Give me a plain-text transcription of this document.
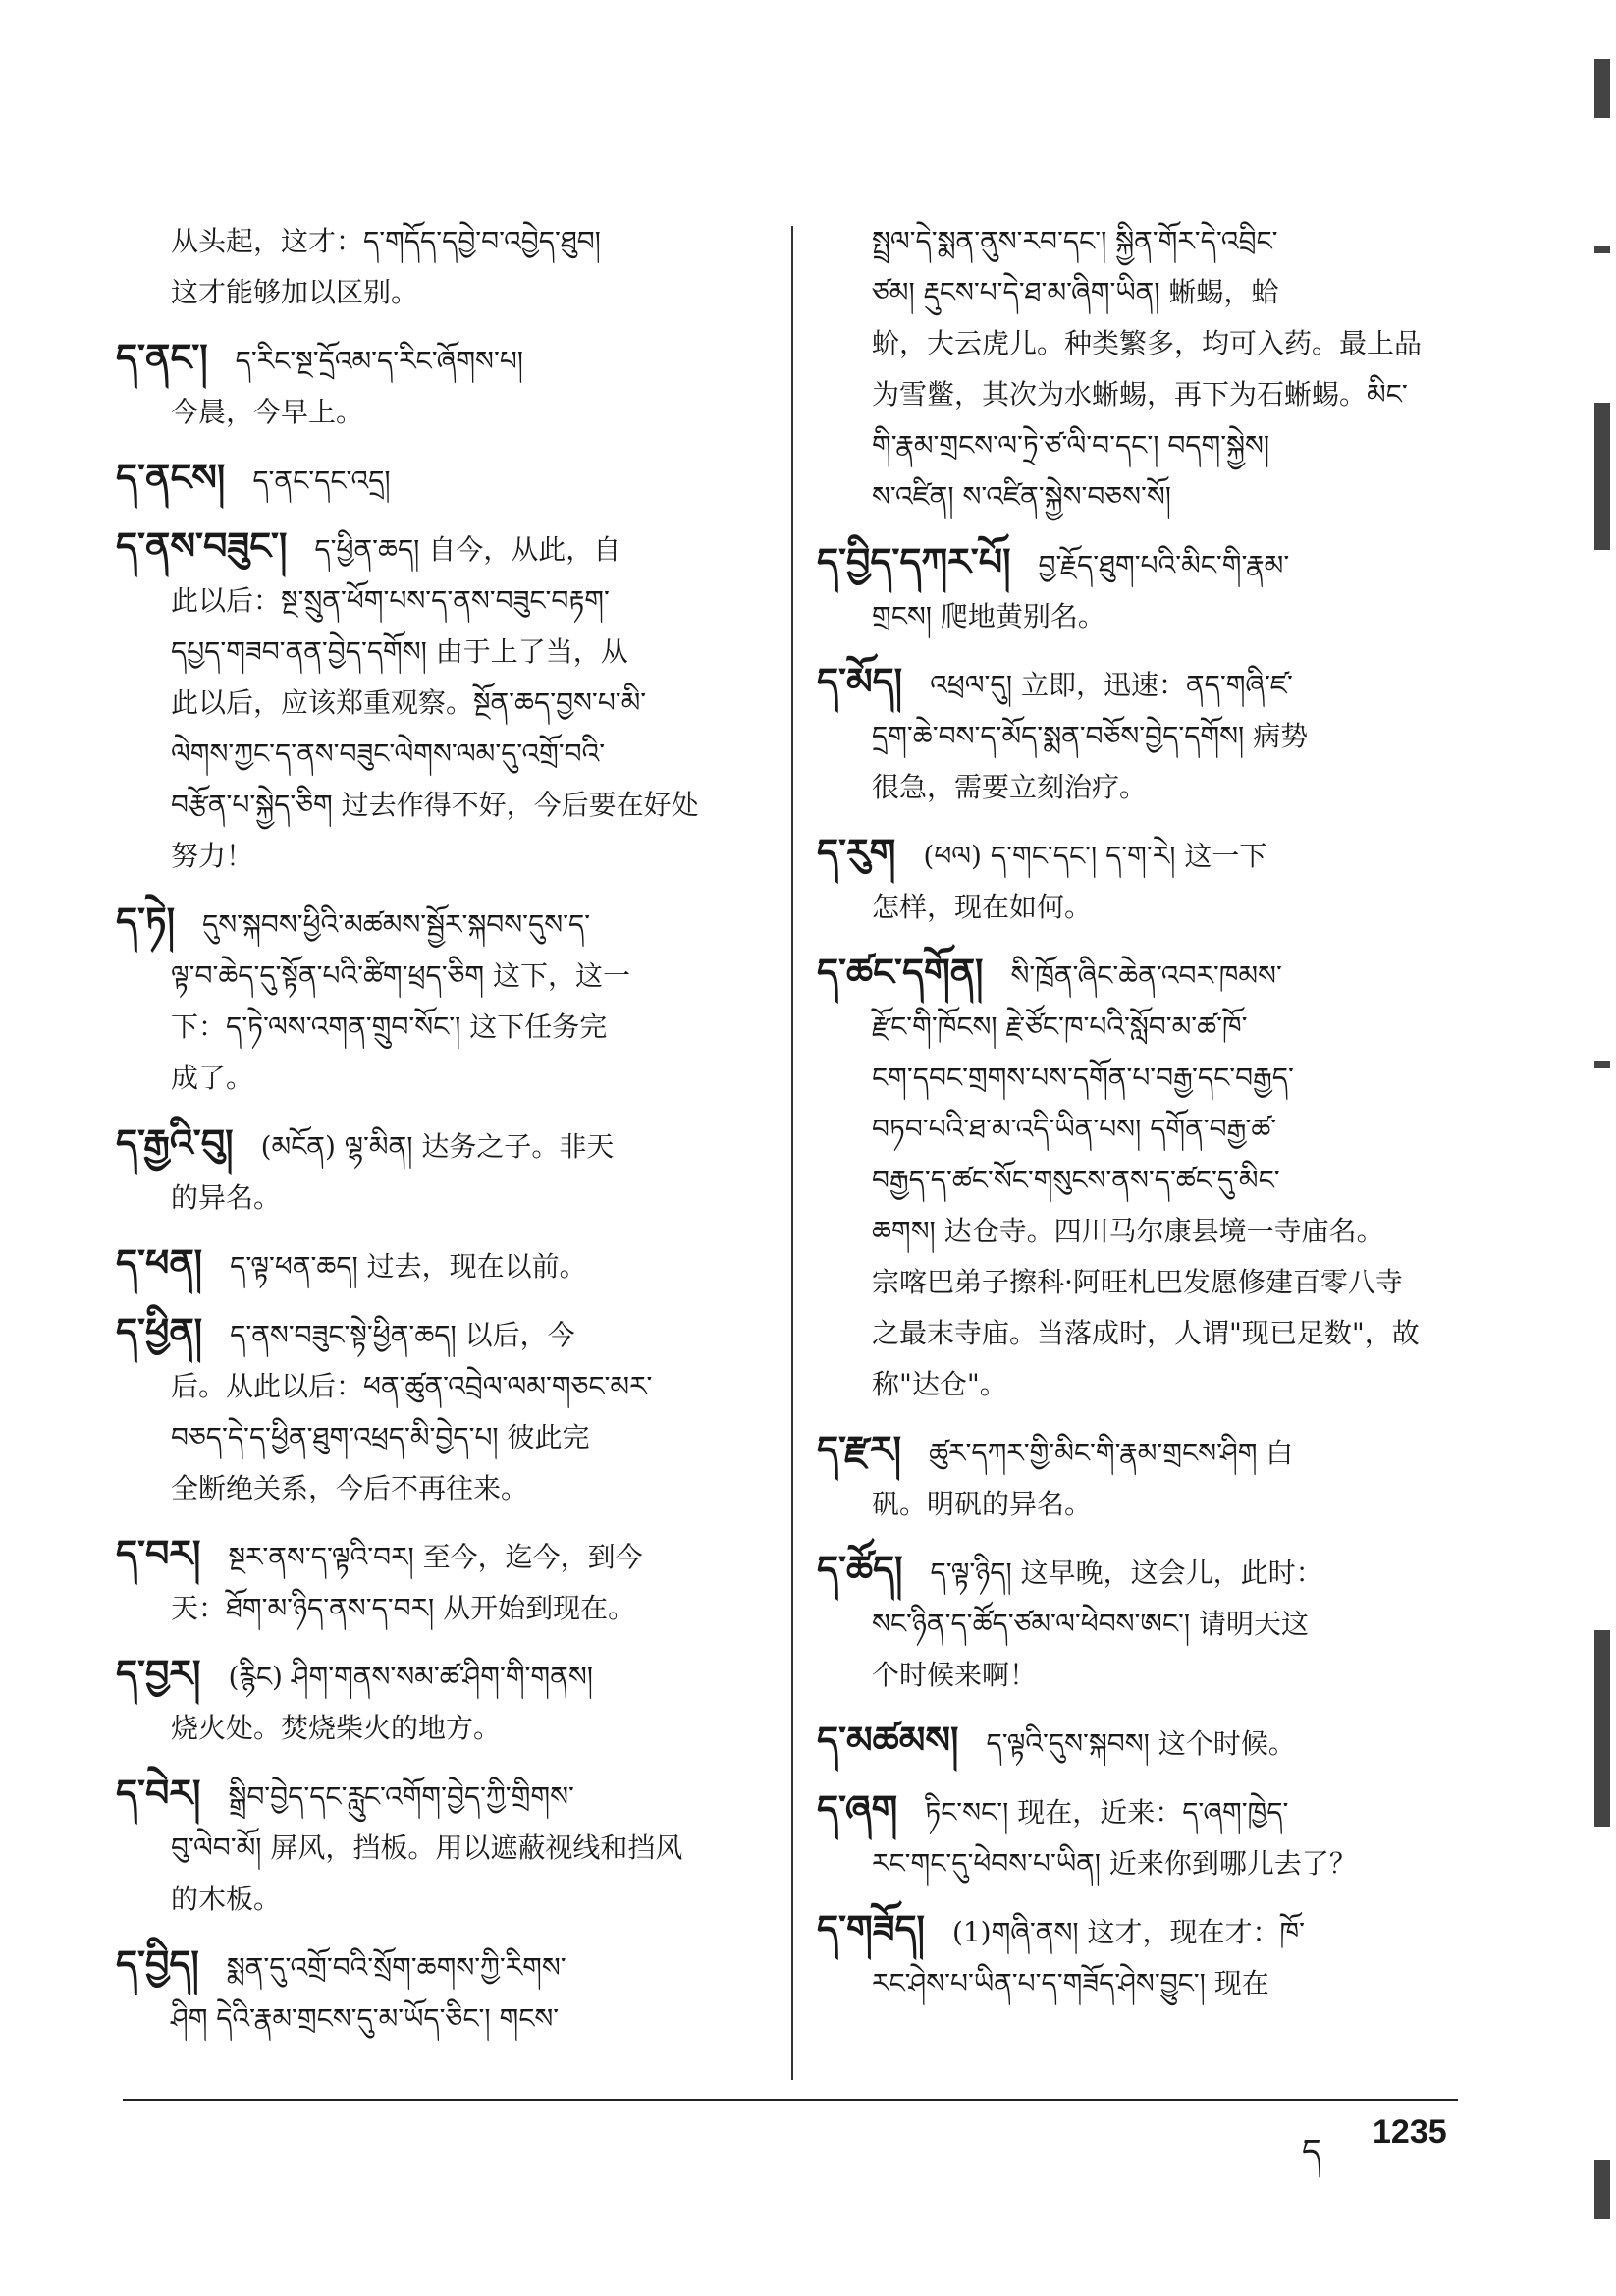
从头起，这才：ད་གདོད་དབྱེ་བ་འབྱེད་ཐུབ།
这才能够加以区别。
ད་ནང་། ད་རིང་སྔ་དྲོའམ་ད་རིང་ཞོགས་པ།
今晨，今早上。
ད་ནངས། ད་ནང་དང་འདྲ།
ད་ནས་བཟུང་། ད་ཕྱིན་ཆད། 自今，从此，自
此以后：སྔ་སྲུན་ཕོག་པས་ད་ནས་བཟུང་བརྟག་
དཔྱད་གཟབ་ནན་བྱེད་དགོས། 由于上了当，从
此以后，应该郑重观察。སྔོན་ཆད་བྱས་པ་མི་
ལེགས་ཀྱང་ད་ནས་བཟུང་ལེགས་ལམ་དུ་འགྲོ་བའི་
བརྩོན་པ་སྐྱེད་ཅིག 过去作得不好，今后要在好处
努力！
ད་ཏེ། དུས་སྐབས་ཕྱིའི་མཚམས་སྦྱོར་སྐབས་དུས་ད་
ལྟ་བ་ཆེད་དུ་སྟོན་པའི་ཚིག་ཕྲད་ཅིག 这下，这一
下：ད་ཏེ་ལས་འགན་གྲུབ་སོང་། 这下任务完
成了。
ད་རྒྱའི་བུ། (མངོན) ལྷ་མིན། 达务之子。非天
的异名。
ད་ཕན། ད་ལྟ་ཕན་ཆད། 过去，现在以前。
ད་ཕྱིན། ད་ནས་བཟུང་སྟེ་ཕྱིན་ཆད། 以后，今
后。从此以后：ཕན་ཚུན་འབྲེལ་ལམ་གཅང་མར་
བཅད་དེ་ད་ཕྱིན་ཐུག་འཕྲད་མི་བྱེད་པ། 彼此完
全断绝关系，今后不再往来。
ད་བར། སྔར་ནས་ད་ལྟའི་བར། 至今，迄今，到今
天：ཐོག་མ་ཉིད་ནས་ད་བར། 从开始到现在。
ད་བྱར། (རྙིང) ཤིག་གནས་སམ་ཚ་ཤིག་གི་གནས།
烧火处。焚烧柴火的地方。
ད་བེར། སྒྲིབ་བྱེད་དང་རླུང་འགོག་བྱེད་ཀྱི་གྲིགས་
བུ་ལེབ་མོ། 屏风，挡板。用以遮蔽视线和挡风
的木板。
ད་བྱིད། སྨན་དུ་འགྲོ་བའི་སྲོག་ཆགས་ཀྱི་རིགས་
ཤིག དེའི་རྣམ་གྲངས་དུ་མ་ཡོད་ཅིང་། གངས་
སྤྲལ་དེ་སྨན་ནུས་རབ་དང་། སྐྱིན་གོར་དེ་འབྲིང་
ཙམ། རྡུངས་པ་དེ་ཐ་མ་ཞིག་ཡིན། 蜥蜴，蛤
蚧，大云虎儿。种类繁多，均可入药。最上品
为雪鳖，其次为水蜥蜴，再下为石蜥蜴。མིང་
གི་རྣམ་གྲངས་ལ་ཏྲེ་ཙ་ལི་བ་དང་། བདག་སྐྱེས།
ས་འཛིན། ས་འཛིན་སྐྱེས་བཅས་སོ།
ད་བྱིད་དཀར་པོ། བྱ་རྗོད་ཐུག་པའི་མིང་གི་རྣམ་
གྲངས། 爬地黄别名。
ད་མོད། འཕྲལ་དུ། 立即，迅速：ནད་གཞི་ཛ་
དྲག་ཆེ་བས་ད་མོད་སྨན་བཅོས་བྱེད་དགོས། 病势
很急，需要立刻治疗。
ད་རུག (ཕལ) ད་གང་དང་། ད་ག་རེ། 这一下
怎样，现在如何。
ད་ཚང་དགོན། སི་ཁྲོན་ཞིང་ཆེན་འབར་ཁམས་
རྫོང་གི་ཁོངས། རྗེ་ཙོང་ཁ་པའི་སློབ་མ་ཚ་ཁོ་
ངག་དབང་གྲགས་པས་དགོན་པ་བརྒྱ་དང་བརྒྱད་
བཏབ་པའི་ཐ་མ་འདི་ཡིན་པས། དགོན་བརྒྱ་ཚ་
བརྒྱད་ད་ཚང་སོང་གསུངས་ནས་ད་ཚང་དུ་མིང་
ཆགས། 达仓寺。四川马尔康县境一寺庙名。
宗喀巴弟子擦科·阿旺札巴发愿修建百零八寺
之最末寺庙。当落成时，人谓"现已足数"，故
称"达仓"。
ད་རྫར། ཚུར་དཀར་གྱི་མིང་གི་རྣམ་གྲངས་ཤིག 白
矾。明矾的异名。
ད་ཚོད། ད་ལྟ་ཉིད། 这早晚，这会儿，此时：
སང་ཉིན་ད་ཚོད་ཙམ་ལ་ཕེབས་ཨང་། 请明天这
个时候来啊！
ད་མཚམས། ད་ལྟའི་དུས་སྐབས། 这个时候。
ད་ཞག ཏིང་སང་། 现在，近来：ད་ཞག་ཁྱེད་
རང་གང་དུ་ཕེབས་པ་ཡིན། 近来你到哪儿去了？
ད་གཟོད། (1)གཞི་ནས། 这才，现在才：ཁོ་
རང་ཤེས་པ་ཡིན་པ་ད་གཟོད་ཤེས་བྱུང་། 现在
ད 1235
